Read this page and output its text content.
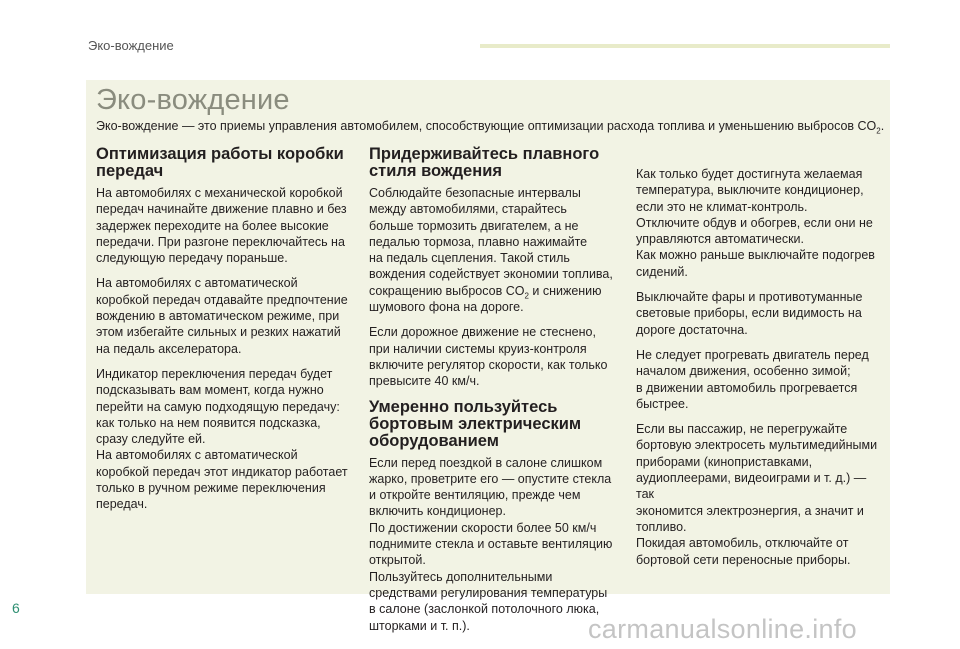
Эко-вождение
Эко-вождение

Эко-вождение — это приемы управления автомобилем, способствующие оптимизации расхода топлива и уменьшению выбросов $CO_2$.

Оптимизация работы коробки
передач

На автомобилях с механической коробкой
передач начинайте движение плавно и без
задержек переходите на более высокие
передачи. При разгоне переключайтесь на
следующую передачу пораньше.

На автомобилях с автоматической
коробкой передач отдавайте предпочтение
вождению в автоматическом режиме, при
этом избегайте сильных и резких нажатий
на педаль акселератора.

Индикатор переключения передач будет
подсказывать вам момент, когда нужно
перейти на самую подходящую передачу:
как только на нем появится подсказка,
сразу следуйте ей.
На автомобилях с автоматической
коробкой передач этот индикатор работает
только в ручном режиме переключения
передач.

Придерживайтесь плавного
стиля вождения

Соблюдайте безопасные интервалы
между автомобилями, старайтесь
больше тормозить двигателем, а не
педалью тормоза, плавно нажимайте
на педаль сцепления. Такой стиль
вождения содействует экономии топлива,
сокращению выбросов $CO_2$ и снижению
шумового фона на дороге.

Если дорожное движение не стеснено,
при наличии системы круиз-контроля
включите регулятор скорости, как только
превысите 40 км/ч.

Умеренно пользуйтесь
бортовым электрическим
оборудованием

Если перед поездкой в салоне слишком
жарко, проветрите его — опустите стекла
и откройте вентиляцию, прежде чем
включить кондиционер.
По достижении скорости более 50 км/ч
поднимите стекла и оставьте вентиляцию
открытой.
Пользуйтесь дополнительными
средствами регулирования температуры
в салоне (заслонкой потолочного люка,
шторками и т. п.).

Как только будет достигнута желаемая
температура, выключите кондиционер,
если это не климат-контроль.
Отключите обдув и обогрев, если они не
управляются автоматически.
Как можно раньше выключайте подогрев
сидений.

Выключайте фары и противотуманные
световые приборы, если видимость на
дороге достаточна.

Не следует прогревать двигатель перед
началом движения, особенно зимой;
в движении автомобиль прогревается
быстрее.

Если вы пассажир, не перегружайте
бортовую электросеть мультимедийными
приборами (кинoприставками,
аудиоплеерами, видеоиграми и т. д.) — так
экономится электроэнергия, а значит и
топливо.
Покидая автомобиль, отключайте от
бортовой сети переносные приборы.

6
carmanualsonline.info
